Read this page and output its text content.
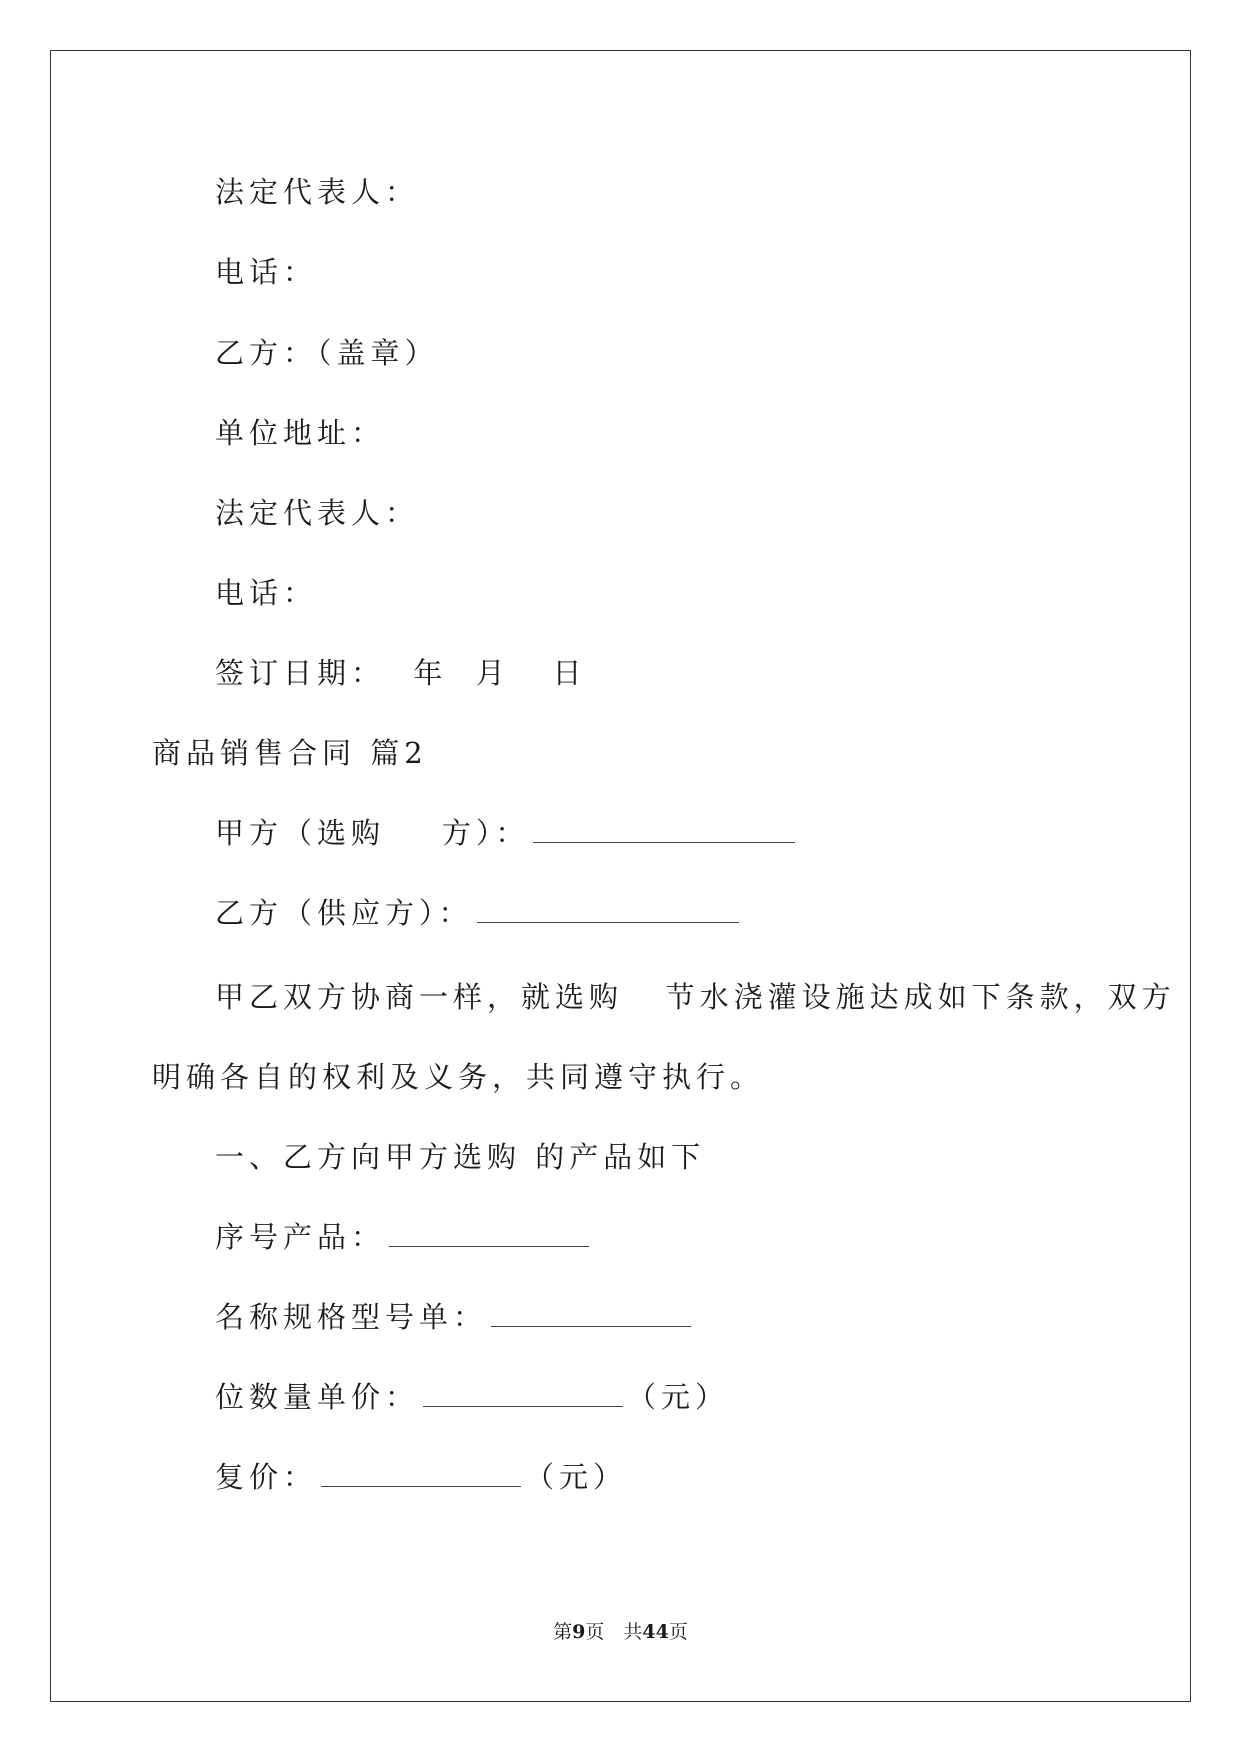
法定代表人：
电话：
乙方：（盖章）
单位地址：
法定代表人：
电话：
签订日期：  年  月   日
商品销售合同 篇2
甲方（选购    方）：
乙方（供应方）：
甲乙双方协商一样，就选购   节水浇灌设施达成如下条款，双方
明确各自的权利及义务，共同遵守执行。
一、乙方向甲方选购 的产品如下
序号产品：
名称规格型号单：
位数量单价：	（元）
复价：	（元）
第9页　共44页
